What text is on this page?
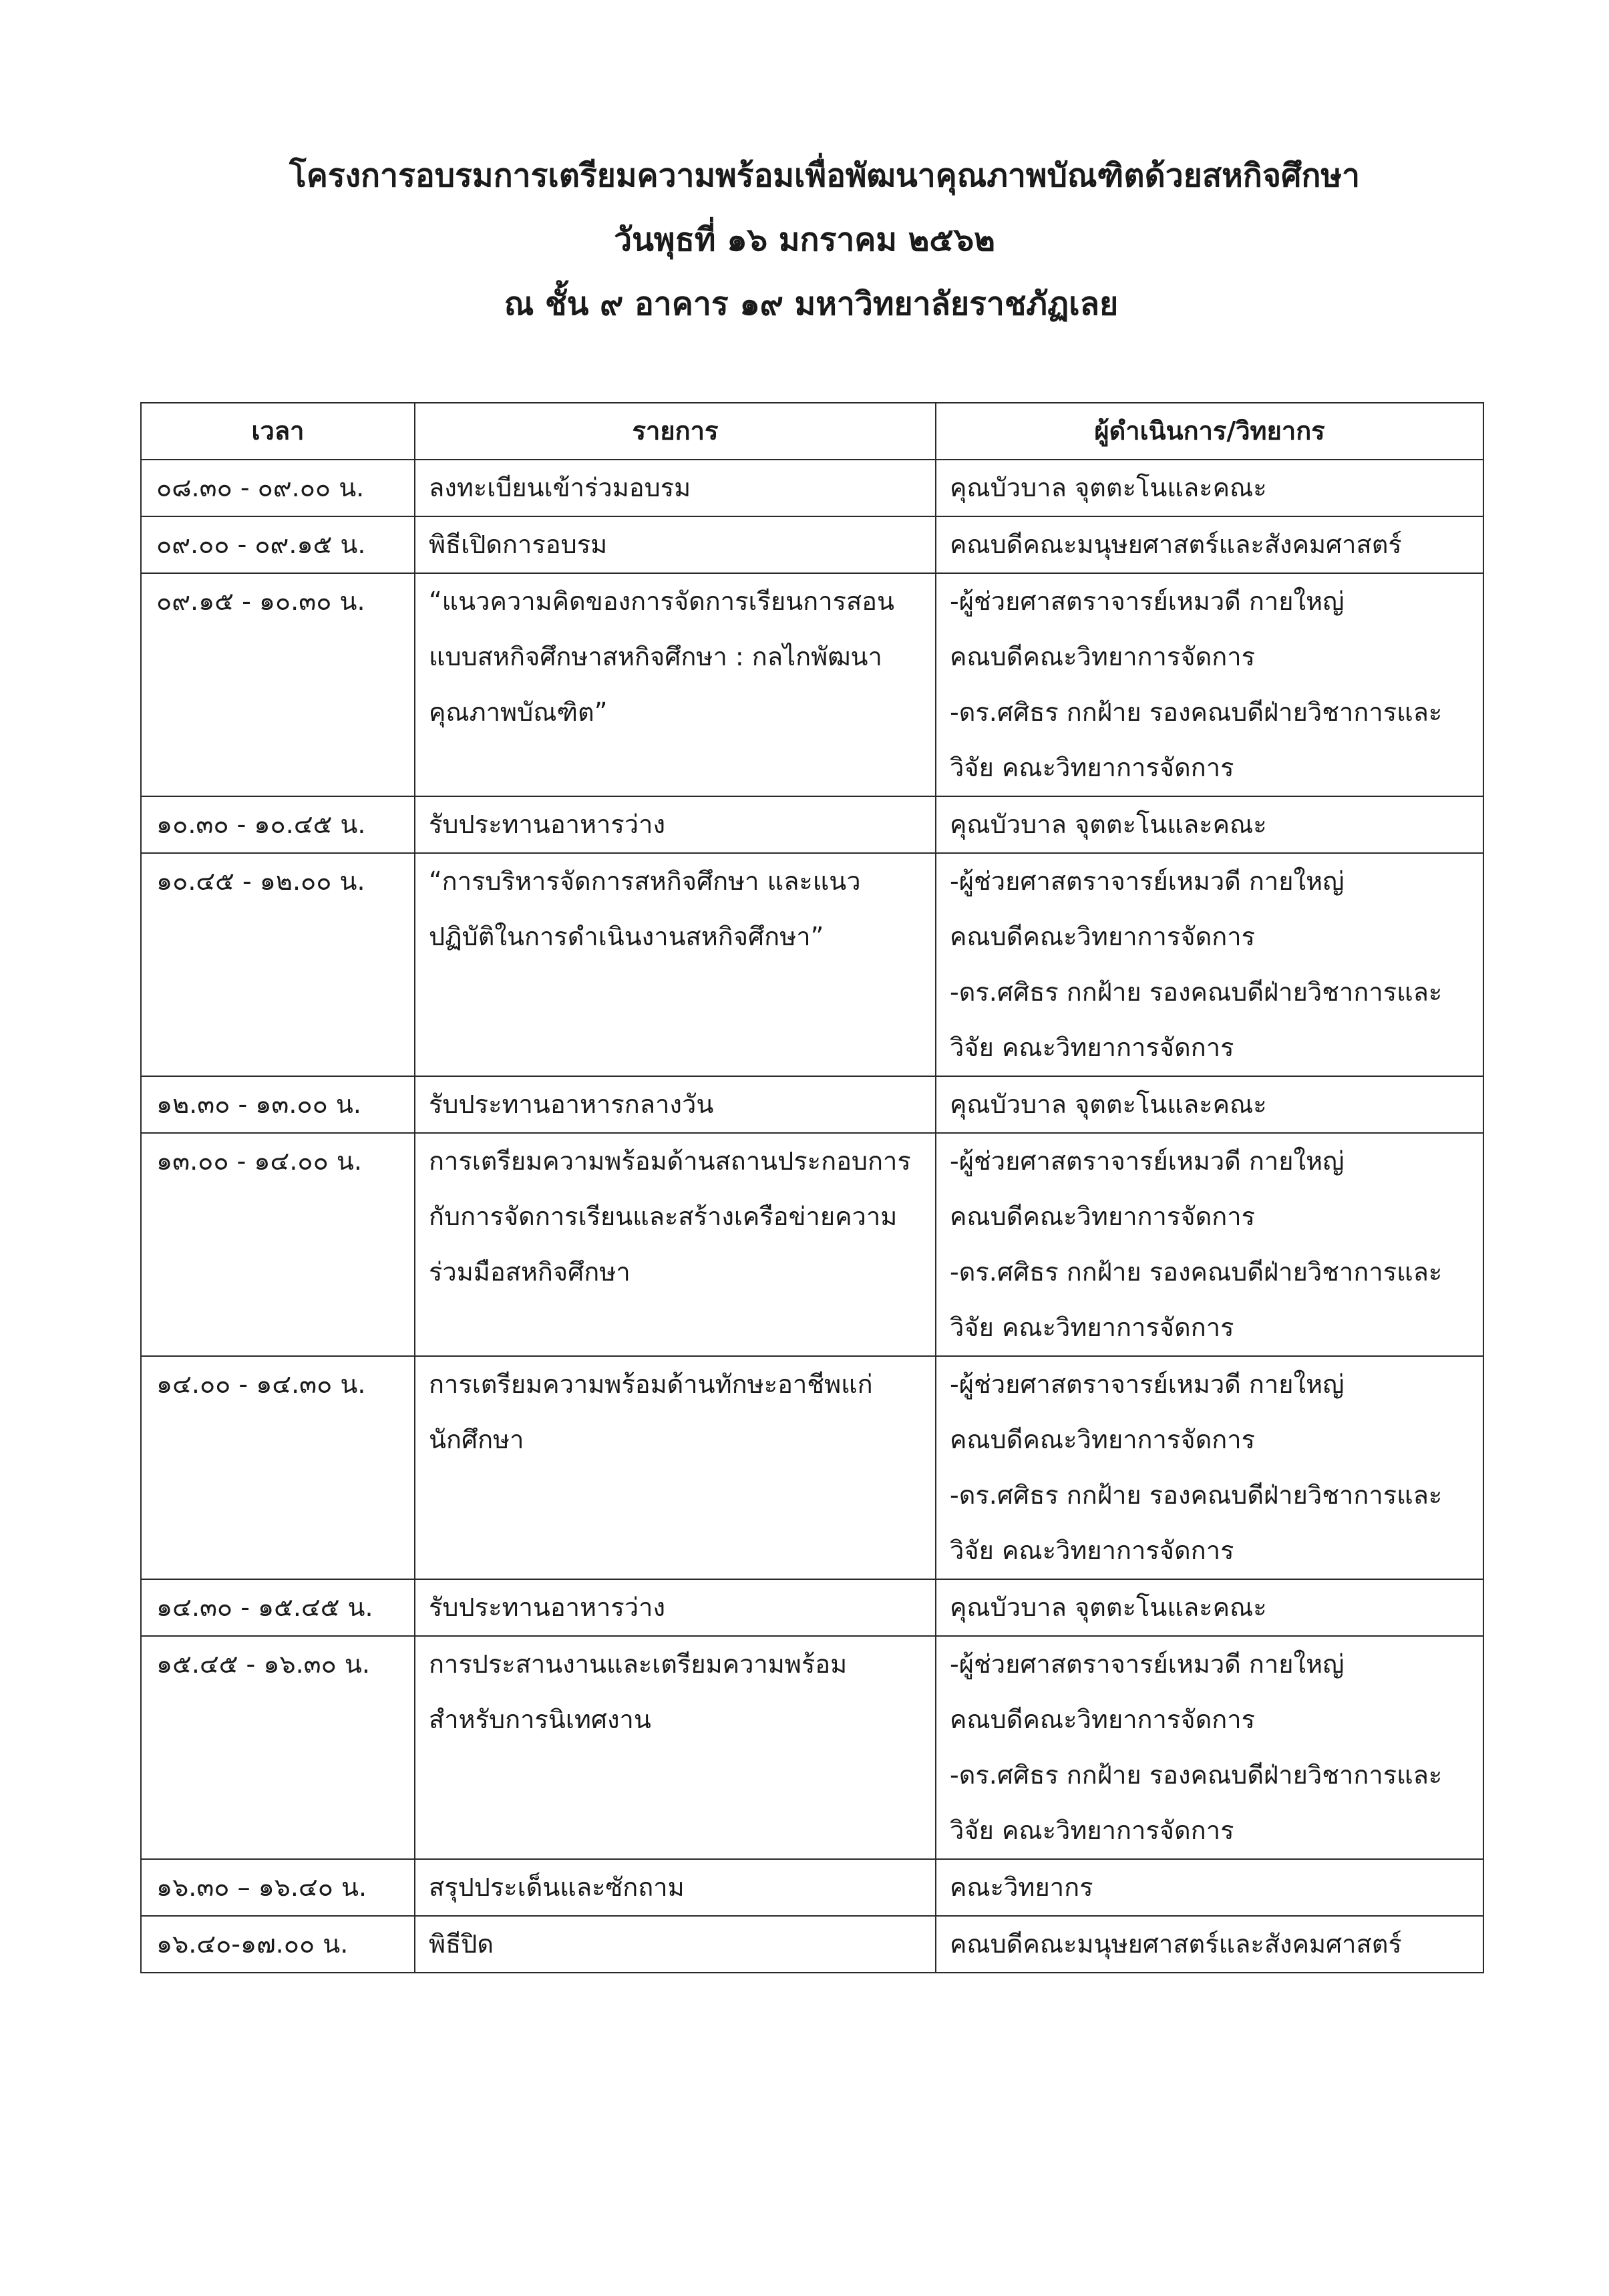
โครงการอบรมการเตรียมความพร้อมเพื่อพัฒนาคุณภาพบัณฑิตด้วยสหกิจศึกษา

วันพุธที่ ๑๖ มกราคม ๒๕๖๒

ณ ชั้น ๙ อาคาร ๑๙ มหาวิทยาลัยราชภัฏเลย

เวลา	รายการ	ผู้ดำเนินการ/วิทยากร
๐๘.๓๐ - ๐๙.๐๐ น.	ลงทะเบียนเข้าร่วมอบรม	คุณบัวบาล จุตตะโนและคณะ

๐๙.๐๐ - ๐๙.๑๕ น.	พิธีเปิดการอบรม	คณบดีคณะมนุษยศาสตร์และสังคมศาสตร์

๐๙.๑๕ - ๑๐.๓๐ น.	“แนวความคิดของการจัดการเรียนการสอนแบบสหกิจศึกษาสหกิจศึกษา : กลไกพัฒนาคุณภาพบัณฑิต”	-ผู้ช่วยศาสตราจารย์เหมวดี กายใหญ่
คณบดีคณะวิทยาการจัดการ
-ดร.ศศิธร กกฝ้าย รองคณบดีฝ่ายวิชาการและวิจัย คณะวิทยาการจัดการ

๑๐.๓๐ - ๑๐.๔๕ น.	รับประทานอาหารว่าง	คุณบัวบาล จุตตะโนและคณะ

๑๐.๔๕ - ๑๒.๐๐ น.	“การบริหารจัดการสหกิจศึกษา และแนวปฏิบัติในการดำเนินงานสหกิจศึกษา”	-ผู้ช่วยศาสตราจารย์เหมวดี กายใหญ่
คณบดีคณะวิทยาการจัดการ
-ดร.ศศิธร กกฝ้าย รองคณบดีฝ่ายวิชาการและวิจัย คณะวิทยาการจัดการ

๑๒.๓๐ - ๑๓.๐๐ น.	รับประทานอาหารกลางวัน	คุณบัวบาล จุตตะโนและคณะ

๑๓.๐๐ - ๑๔.๐๐ น.	การเตรียมความพร้อมด้านสถานประกอบการกับการจัดการเรียนและสร้างเครือข่ายความร่วมมือสหกิจศึกษา	-ผู้ช่วยศาสตราจารย์เหมวดี กายใหญ่
คณบดีคณะวิทยาการจัดการ
-ดร.ศศิธร กกฝ้าย รองคณบดีฝ่ายวิชาการและวิจัย คณะวิทยาการจัดการ

๑๔.๐๐ - ๑๔.๓๐ น.	การเตรียมความพร้อมด้านทักษะอาชีพแก่นักศึกษา	-ผู้ช่วยศาสตราจารย์เหมวดี กายใหญ่
คณบดีคณะวิทยาการจัดการ
-ดร.ศศิธร กกฝ้าย รองคณบดีฝ่ายวิชาการและวิจัย คณะวิทยาการจัดการ

๑๔.๓๐ - ๑๕.๔๕ น.	รับประทานอาหารว่าง	คุณบัวบาล จุตตะโนและคณะ

๑๕.๔๕ - ๑๖.๓๐ น.	การประสานงานและเตรียมความพร้อมสำหรับการนิเทศงาน	-ผู้ช่วยศาสตราจารย์เหมวดี กายใหญ่
คณบดีคณะวิทยาการจัดการ
-ดร.ศศิธร กกฝ้าย รองคณบดีฝ่ายวิชาการและวิจัย คณะวิทยาการจัดการ

๑๖.๓๐ – ๑๖.๔๐ น.	สรุปประเด็นและซักถาม	คณะวิทยากร

๑๖.๔๐-๑๗.๐๐ น.	พิธีปิด	คณบดีคณะมนุษยศาสตร์และสังคมศาสตร์
